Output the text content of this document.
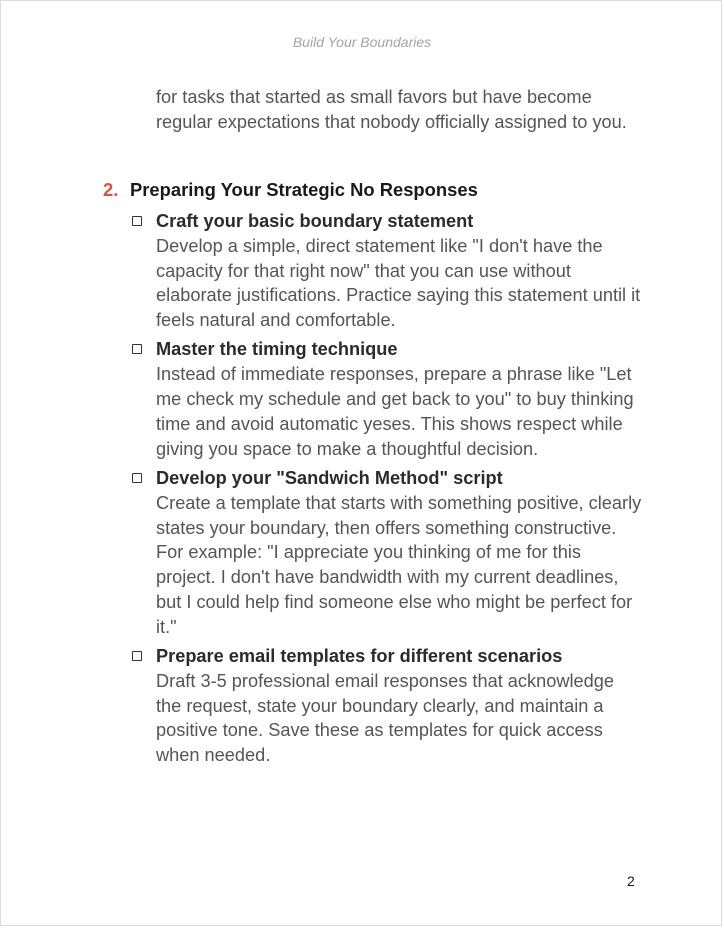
Build Your Boundaries
for tasks that started as small favors but have become regular expectations that nobody officially assigned to you.
2. Preparing Your Strategic No Responses
Craft your basic boundary statement
Develop a simple, direct statement like "I don't have the capacity for that right now" that you can use without elaborate justifications. Practice saying this statement until it feels natural and comfortable.
Master the timing technique
Instead of immediate responses, prepare a phrase like "Let me check my schedule and get back to you" to buy thinking time and avoid automatic yeses. This shows respect while giving you space to make a thoughtful decision.
Develop your "Sandwich Method" script
Create a template that starts with something positive, clearly states your boundary, then offers something constructive. For example: "I appreciate you thinking of me for this project. I don't have bandwidth with my current deadlines, but I could help find someone else who might be perfect for it."
Prepare email templates for different scenarios
Draft 3-5 professional email responses that acknowledge the request, state your boundary clearly, and maintain a positive tone. Save these as templates for quick access when needed.
2
